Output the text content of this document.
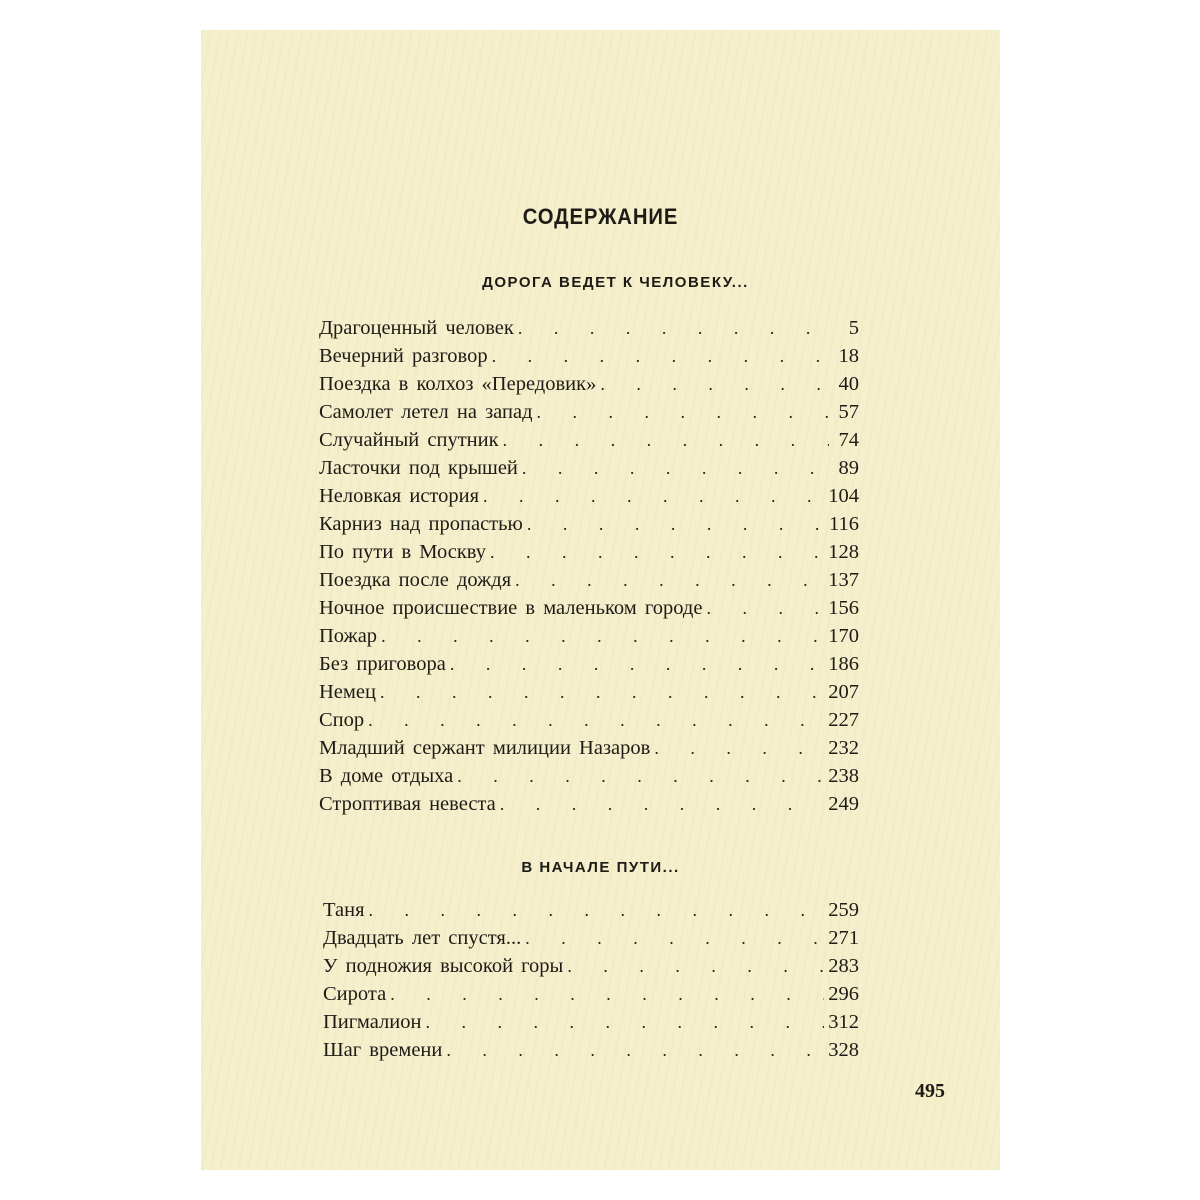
СОДЕРЖАНИЕ
ДОРОГА ВЕДЕТ К ЧЕЛОВЕКУ...
Драгоценный человек . . .	5
Вечерний разговор . . .	18
Поездка в колхоз «Передовик» . . .	40
Самолет летел на запад . . .	57
Случайный спутник . . .	74
Ласточки под крышей . . .	89
Неловкая история . . .	104
Карниз над пропастью . . .	116
По пути в Москву . . .	128
Поездка после дождя . . .	137
Ночное происшествие в маленьком городе . . .	156
Пожар . . .	170
Без приговора . . .	186
Немец . . .	207
Спор . . .	227
Младший сержант милиции Назаров . . .	232
В доме отдыха . . .	238
Строптивая невеста . . .	249
В НАЧАЛЕ ПУТИ...
Таня . . .	259
Двадцать лет спустя... . . .	271
У подножия высокой горы . . .	283
Сирота . . .	296
Пигмалион . . .	312
Шаг времени . . .	328
495
